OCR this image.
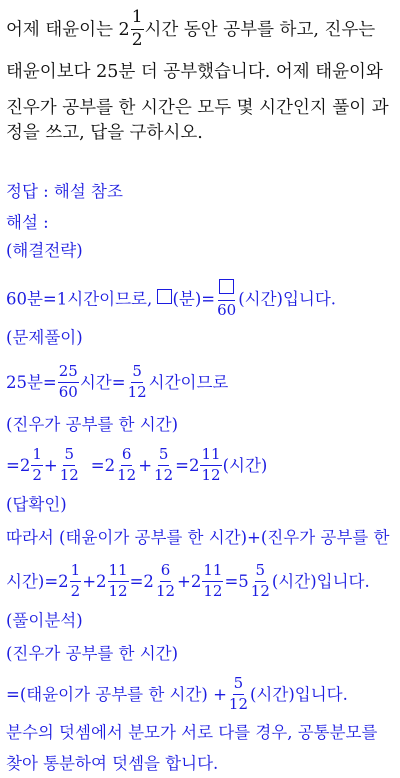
어제 태윤이는 $2 \frac{1}{2}$ 시간 동안 공부를 하고, 진우는
태윤이보다 25분 더 공부했습니다. 어제 태윤이와
진우가 공부를 한 시간은 모두 몇 시간인지 풀이 과
정을 쓰고, 답을 구하시오.
정답 : 해설 참조
해설 :
(해결전략)
60분=1시간이므로, (분)=
60
(시간)입니다.
(문제풀이)
25분= $\frac{25}{60}$ 시간= $\frac{5}{12}$ 시간이므로
(진우가 공부를 한 시간)
$=2 \frac{1}{2} + \frac{5}{12} =2 \frac{6}{12} + \frac{5}{12} =2 \frac{11}{12}$ (시간)
(답확인)
따라서 (태윤이가 공부를 한 시간)+(진우가 공부를 한
시간)$=2 \frac{1}{2} +2 \frac{11}{12} =2 \frac{6}{12} +2 \frac{11}{12} =5 \frac{5}{12}$ (시간)입니다.
(풀이분석)
(진우가 공부를 한 시간)
=(태윤이가 공부를 한 시간) + $\frac{5}{12}$ (시간)입니다.
분수의 덧셈에서 분모가 서로 다를 경우, 공통분모를
찾아 통분하여 덧셈을 합니다.
